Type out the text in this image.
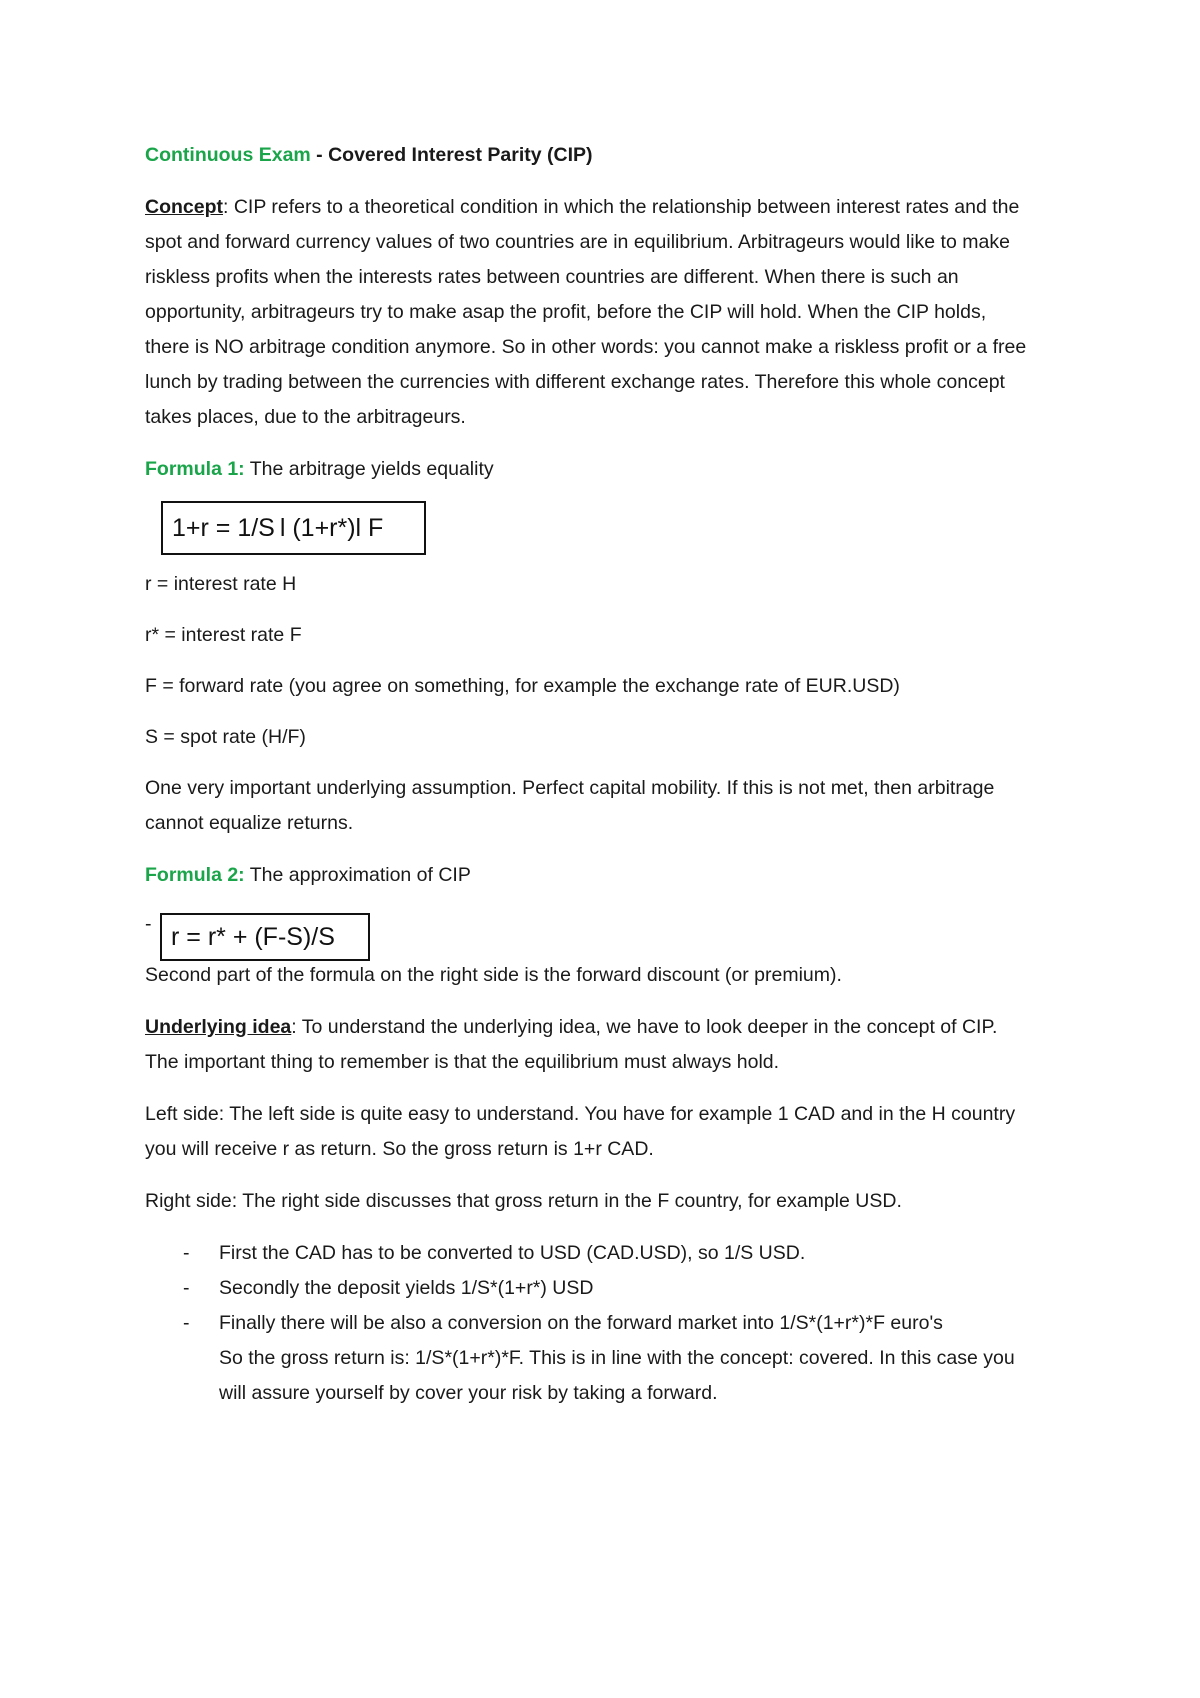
Continuous Exam - Covered Interest Parity (CIP)
Concept: CIP refers to a theoretical condition in which the relationship between interest rates and the
spot and forward currency values of two countries are in equilibrium. Arbitrageurs would like to make
riskless profits when the interests rates between countries are different. When there is such an
opportunity, arbitrageurs try to make asap the profit, before the CIP will hold. When the CIP holds,
there is NO arbitrage condition anymore. So in other words: you cannot make a riskless profit or a free
lunch by trading between the currencies with different exchange rates. Therefore this whole concept
takes places, due to the arbitrageurs.
Formula 1: The arbitrage yields equality
1+r = 1/S l (1+r*)l F
r = interest rate H
r* = interest rate F
F = forward rate (you agree on something, for example the exchange rate of EUR.USD)
S = spot rate (H/F)
One very important underlying assumption. Perfect capital mobility. If this is not met, then arbitrage
cannot equalize returns.
Formula 2: The approximation of CIP
- r = r* + (F-S)/S
Second part of the formula on the right side is the forward discount (or premium).
Underlying idea: To understand the underlying idea, we have to look deeper in the concept of CIP.
The important thing to remember is that the equilibrium must always hold.
Left side: The left side is quite easy to understand. You have for example 1 CAD and in the H country
you will receive r as return. So the gross return is 1+r CAD.
Right side: The right side discusses that gross return in the F country, for example USD.
- First the CAD has to be converted to USD (CAD.USD), so 1/S USD.
- Secondly the deposit yields 1/S*(1+r*) USD
- Finally there will be also a conversion on the forward market into 1/S*(1+r*)*F euro's
So the gross return is: 1/S*(1+r*)*F. This is in line with the concept: covered. In this case you
will assure yourself by cover your risk by taking a forward.
